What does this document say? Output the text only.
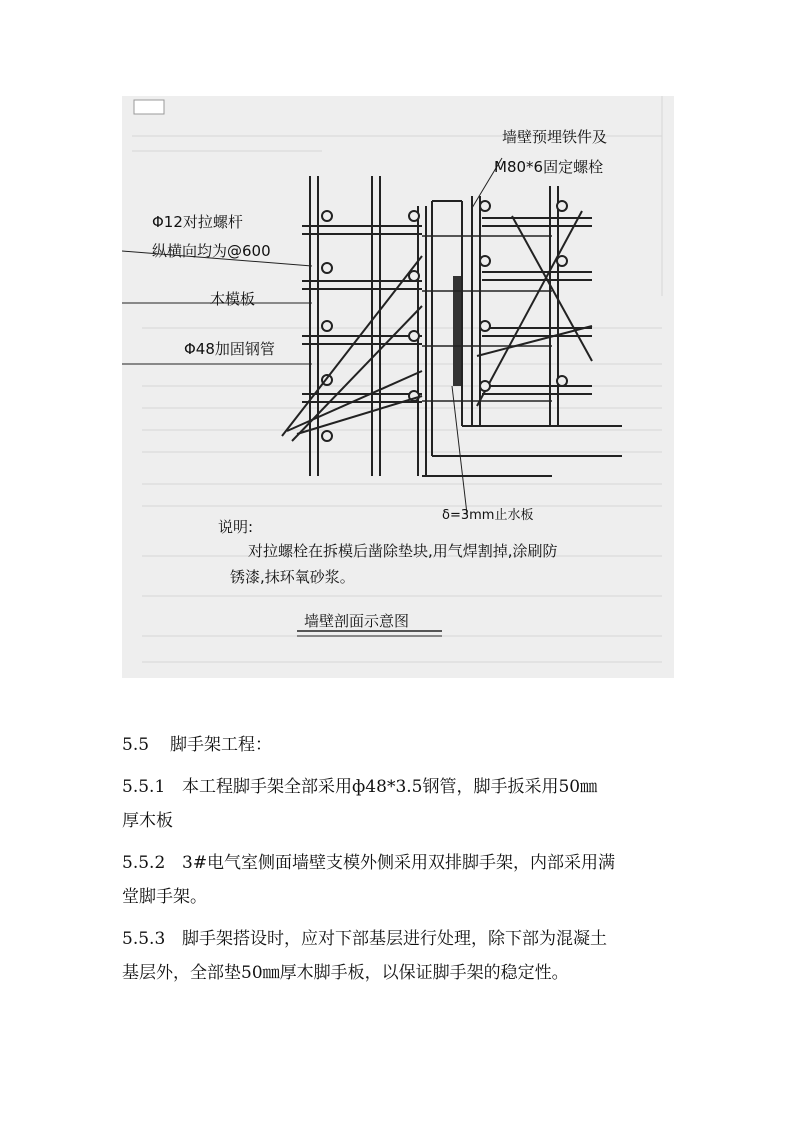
Φ12对拉螺杆
纵横向均为@600
木模板
Φ48加固钢管
墙壁预埋铁件及
M80*6固定螺栓
δ=3mm止水板
说明:
对拉螺栓在拆模后凿除垫块,用气焊割掉,涂刷防
锈漆,抹环氧砂浆。
墙壁剖面示意图

5.5 脚手架工程：

5.5.1 本工程脚手架全部采用ф48*3.5钢管，脚手扳采用50㎜
厚木板

5.5.2 3#电气室侧面墙壁支模外侧采用双排脚手架，内部采用满
堂脚手架。

5.5.3 脚手架搭设时，应对下部基层进行处理，除下部为混凝土
基层外，全部垫50㎜厚木脚手板，以保证脚手架的稳定性。
